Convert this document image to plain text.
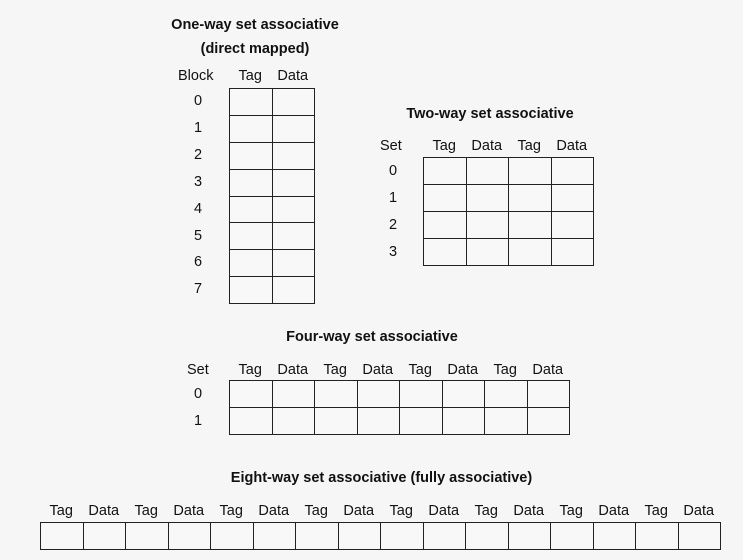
One-way set associative
(direct mapped)
Block	Tag	Data
0
1
2
3
4
5
6
7
Two-way set associative
Set	Tag	Data	Tag	Data
0
1
2
3
Four-way set associative
Set	Tag	Data	Tag	Data	Tag	Data	Tag	Data
0
1
Eight-way set associative (fully associative)
Tag	Data	Tag	Data	Tag	Data	Tag	Data	Tag	Data	Tag	Data	Tag	Data	Tag	Data
